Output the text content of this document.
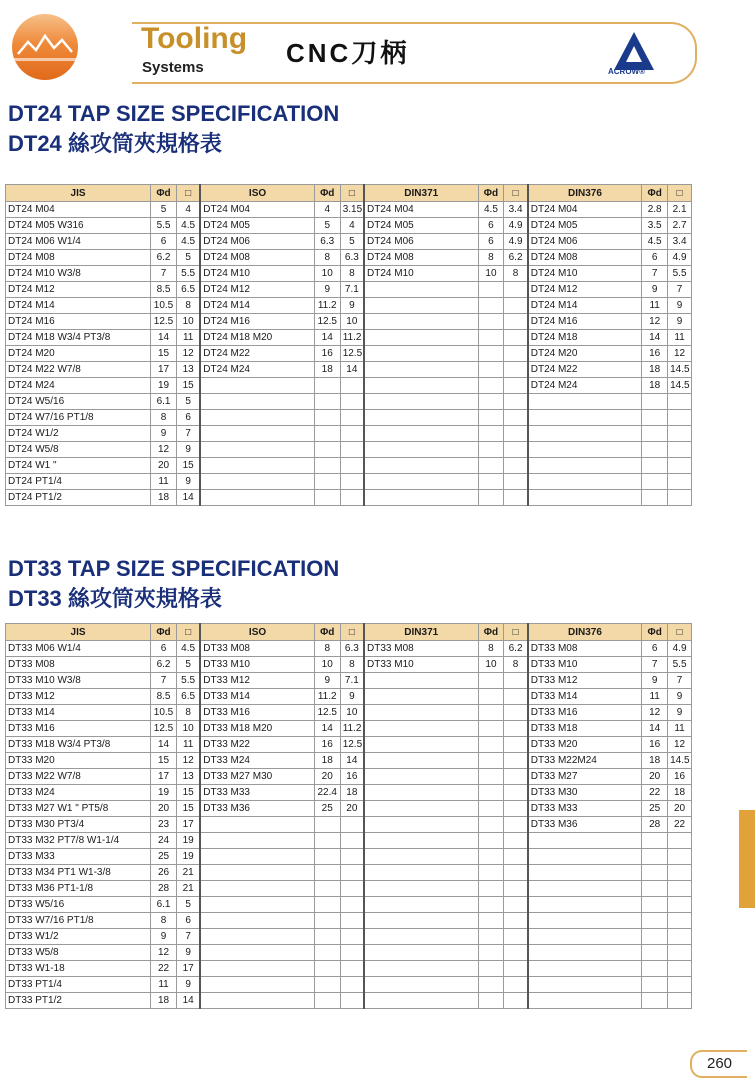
Tooling
Systems	CNC刀柄
ACROW®
DT24 TAP SIZE SPECIFICATION
DT24 絲攻筒夾規格表
JIS	Φd	□	ISO	Φd	□	DIN371	Φd	□	DIN376	Φd	□
DT24 M04	5	4	DT24 M04	4	3.15	DT24 M04	4.5	3.4	DT24 M04	2.8	2.1
DT24 M05 W316	5.5	4.5	DT24 M05	5	4	DT24 M05	6	4.9	DT24 M05	3.5	2.7
DT24 M06 W1/4	6	4.5	DT24 M06	6.3	5	DT24 M06	6	4.9	DT24 M06	4.5	3.4
DT24 M08	6.2	5	DT24 M08	8	6.3	DT24 M08	8	6.2	DT24 M08	6	4.9
DT24 M10 W3/8	7	5.5	DT24 M10	10	8	DT24 M10	10	8	DT24 M10	7	5.5
DT24 M12	8.5	6.5	DT24 M12	9	7.1				DT24 M12	9	7
DT24 M14	10.5	8	DT24 M14	11.2	9				DT24 M14	11	9
DT24 M16	12.5	10	DT24 M16	12.5	10				DT24 M16	12	9
DT24 M18 W3/4 PT3/8	14	11	DT24 M18 M20	14	11.2				DT24 M18	14	11
DT24 M20	15	12	DT24 M22	16	12.5				DT24 M20	16	12
DT24 M22 W7/8	17	13	DT24 M24	18	14				DT24 M22	18	14.5
DT24 M24	19	15							DT24 M24	18	14.5
DT24 W5/16	6.1	5									
DT24 W7/16 PT1/8	8	6									
DT24 W1/2	9	7									
DT24 W5/8	12	9									
DT24 W1 "	20	15									
DT24 PT1/4	11	9									
DT24 PT1/2	18	14									
DT33 TAP SIZE SPECIFICATION
DT33 絲攻筒夾規格表
JIS	Φd	□	ISO	Φd	□	DIN371	Φd	□	DIN376	Φd	□
DT33 M06 W1/4	6	4.5	DT33 M08	8	6.3	DT33 M08	8	6.2	DT33 M08	6	4.9
DT33 M08	6.2	5	DT33 M10	10	8	DT33 M10	10	8	DT33 M10	7	5.5
DT33 M10 W3/8	7	5.5	DT33 M12	9	7.1				DT33 M12	9	7
DT33 M12	8.5	6.5	DT33 M14	11.2	9				DT33 M14	11	9
DT33 M14	10.5	8	DT33 M16	12.5	10				DT33 M16	12	9
DT33 M16	12.5	10	DT33 M18 M20	14	11.2				DT33 M18	14	11
DT33 M18 W3/4 PT3/8	14	11	DT33 M22	16	12.5				DT33 M20	16	12
DT33 M20	15	12	DT33 M24	18	14				DT33 M22M24	18	14.5
DT33 M22 W7/8	17	13	DT33 M27 M30	20	16				DT33 M27	20	16
DT33 M24	19	15	DT33 M33	22.4	18				DT33 M30	22	18
DT33 M27 W1 " PT5/8	20	15	DT33 M36	25	20				DT33 M33	25	20
DT33 M30 PT3/4	23	17							DT33 M36	28	22
DT33 M32 PT7/8 W1-1/4	24	19									
DT33 M33	25	19									
DT33 M34 PT1 W1-3/8	26	21									
DT33 M36 PT1-1/8	28	21									
DT33 W5/16	6.1	5									
DT33 W7/16 PT1/8	8	6									
DT33 W1/2	9	7									
DT33 W5/8	12	9									
DT33 W1-18	22	17									
DT33 PT1/4	11	9									
DT33 PT1/2	18	14									
260
